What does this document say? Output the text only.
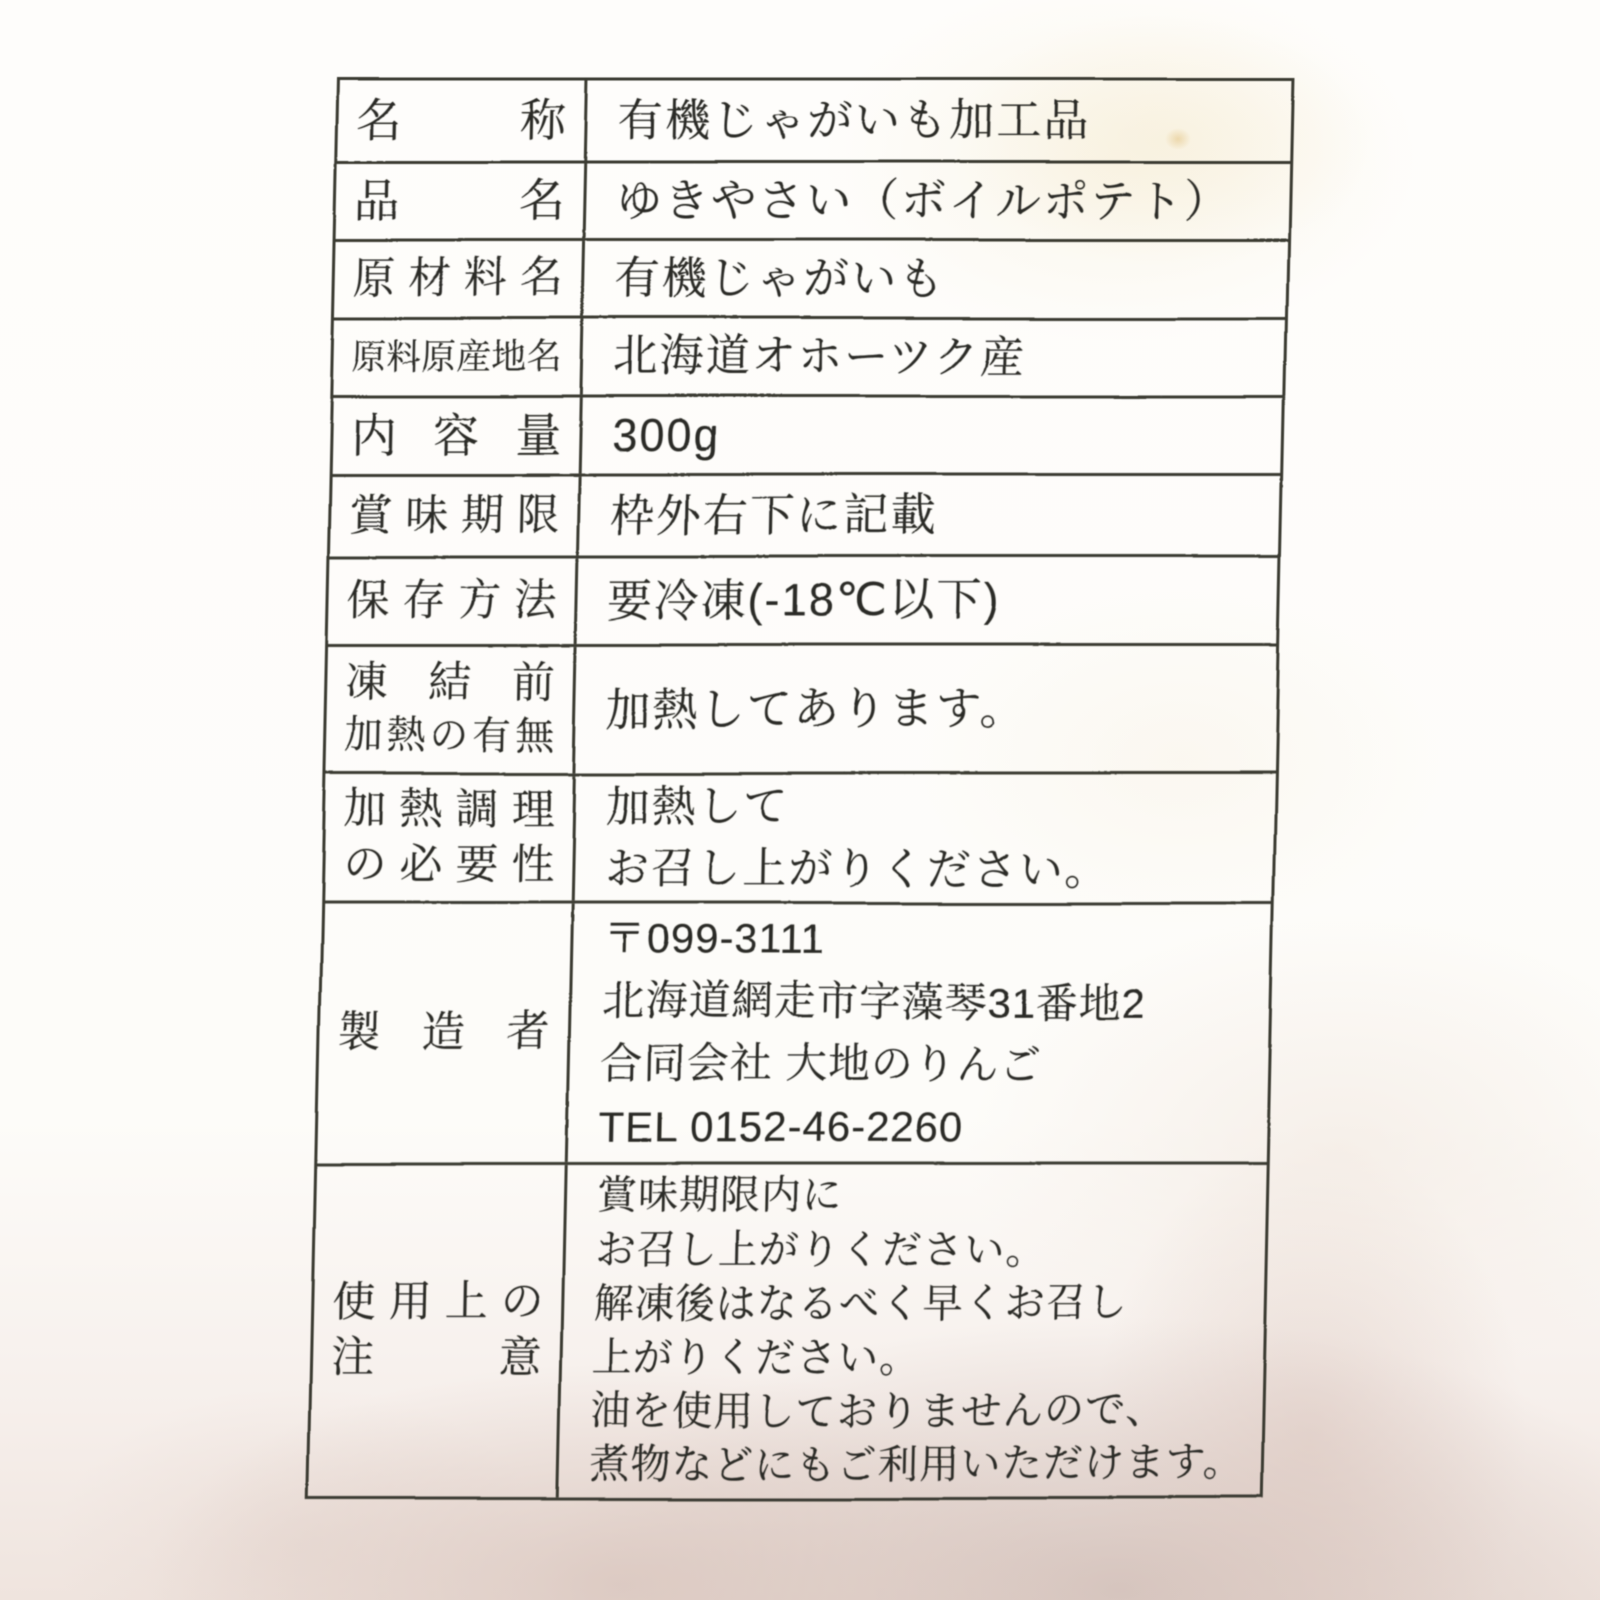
名称 有機じゃがいも加工品
品名 ゆきやさい（ボイルポテト）
原材料名 有機じゃがいも
原料原産地名 北海道オホーツク産
内容量 300g
賞味期限 枠外右下に記載
保存方法 要冷凍(-18℃以下)
凍結前
加熱の有無
加熱してあります。
加熱調理
の必要性
加熱して
お召し上がりください。
製造者
〒099-3111
北海道網走市字藻琴31番地2
合同会社 大地のりんご
TEL 0152-46-2260
使用上の
注意
賞味期限内に
お召し上がりください。
解凍後はなるべく早くお召し
上がりください。
油を使用しておりませんので、
煮物などにもご利用いただけます。
